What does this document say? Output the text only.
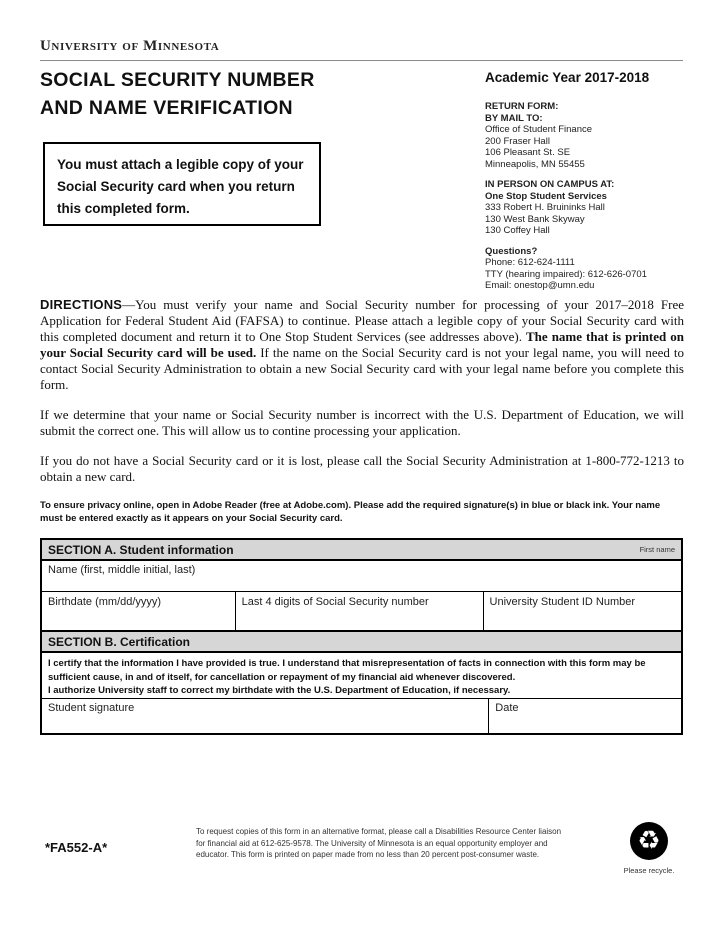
University of Minnesota
SOCIAL SECURITY NUMBER
AND NAME VERIFICATION
Academic Year 2017-2018
You must attach a legible copy of your Social Security card when you return this completed form.
RETURN FORM:
BY MAIL TO:
Office of Student Finance
200 Fraser Hall
106 Pleasant St. SE
Minneapolis, MN 55455
IN PERSON ON CAMPUS AT:
One Stop Student Services
333 Robert H. Bruininks Hall
130 West Bank Skyway
130 Coffey Hall
Questions?
Phone: 612-624-1111
TTY (hearing impaired): 612-626-0701
Email: onestop@umn.edu

DIRECTIONS—You must verify your name and Social Security number for processing of your 2017–2018 Free Application for Federal Student Aid (FAFSA) to continue. Please attach a legible copy of your Social Security card with this completed document and return it to One Stop Student Services (see addresses above). The name that is printed on your Social Security card will be used. If the name on the Social Security card is not your legal name, you will need to contact Social Security Administration to obtain a new Social Security card with your legal name before you complete this form.

If we determine that your name or Social Security number is incorrect with the U.S. Department of Education, we will submit the correct one. This will allow us to contine processing your application.

If you do not have a Social Security card or it is lost, please call the Social Security Administration at 1-800-772-1213 to obtain a new card.

To ensure privacy online, open in Adobe Reader (free at Adobe.com). Please add the required signature(s) in blue or black ink. Your name must be entered exactly as it appears on your Social Security card.
SECTION A. Student information	First name
Name (first, middle initial, last)
Birthdate (mm/dd/yyyy)	Last 4 digits of Social Security number	University Student ID Number
SECTION B. Certification
I certify that the information I have provided is true. I understand that misrepresentation of facts in connection with this form may be sufficient cause, in and of itself, for cancellation or repayment of my financial aid whenever discovered.
I authorize University staff to correct my birthdate with the U.S. Department of Education, if necessary.
Student signature	Date
*FA552-A*
To request copies of this form in an alternative format, please call a Disabilities Resource Center liaison for financial aid at 612-625-9578. The University of Minnesota is an equal opportunity employer and educator. This form is printed on paper made from no less than 20 percent post-consumer waste.	♻
Please recycle.
